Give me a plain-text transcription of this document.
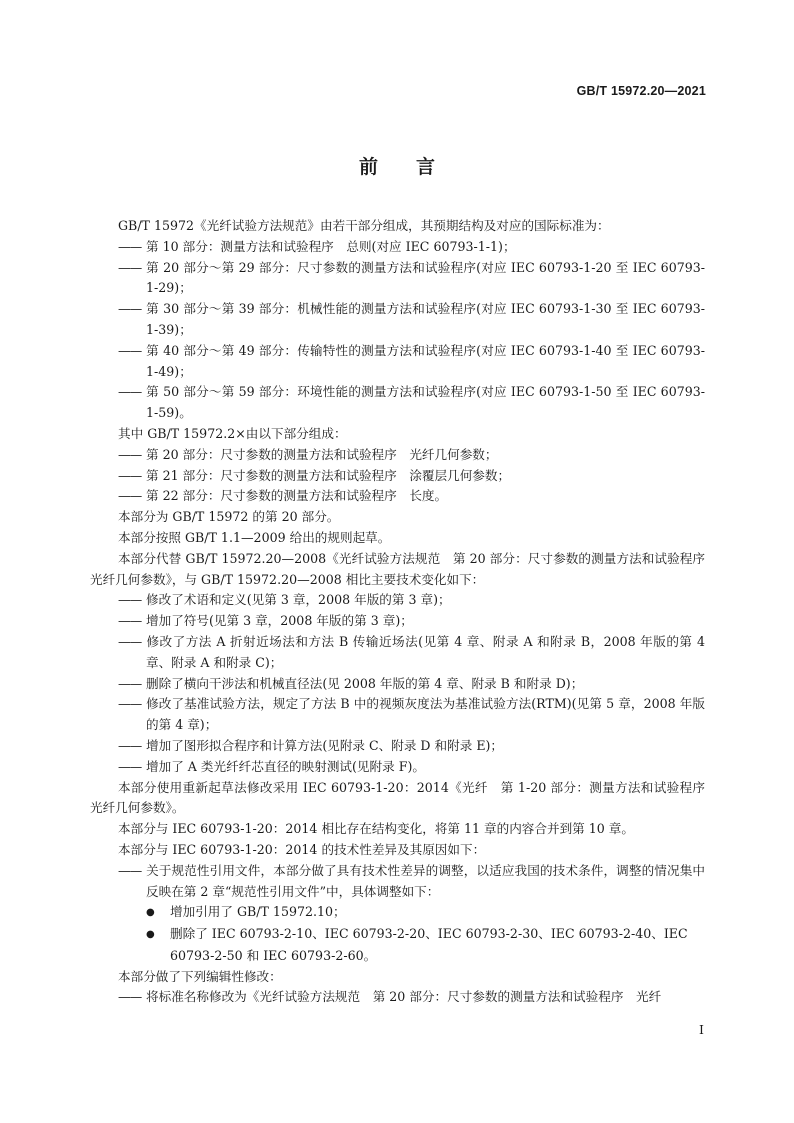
GB/T 15972.20—2021
前 言

GB/T 15972《光纤试验方法规范》由若干部分组成，其预期结构及对应的国际标准为：

—— 第 10 部分：测量方法和试验程序　总则(对应 IEC 60793-1-1)；
—— 第 20 部分～第 29 部分：尺寸参数的测量方法和试验程序(对应 IEC 60793-1-20 至 IEC 60793-1-29)；
—— 第 30 部分～第 39 部分：机械性能的测量方法和试验程序(对应 IEC 60793-1-30 至 IEC 60793-1-39)；
—— 第 40 部分～第 49 部分：传输特性的测量方法和试验程序(对应 IEC 60793-1-40 至 IEC 60793-1-49)；
—— 第 50 部分～第 59 部分：环境性能的测量方法和试验程序(对应 IEC 60793-1-50 至 IEC 60793-1-59)。

其中 GB/T 15972.2×由以下部分组成：

—— 第 20 部分：尺寸参数的测量方法和试验程序　光纤几何参数；
—— 第 21 部分：尺寸参数的测量方法和试验程序　涂覆层几何参数；
—— 第 22 部分：尺寸参数的测量方法和试验程序　长度。

本部分为 GB/T 15972 的第 20 部分。

本部分按照 GB/T 1.1—2009 给出的规则起草。

本部分代替 GB/T 15972.20—2008《光纤试验方法规范　第 20 部分：尺寸参数的测量方法和试验程序　光纤几何参数》，与 GB/T 15972.20—2008 相比主要技术变化如下：

—— 修改了术语和定义(见第 3 章，2008 年版的第 3 章)；
—— 增加了符号(见第 3 章，2008 年版的第 3 章)；
—— 修改了方法 A 折射近场法和方法 B 传输近场法(见第 4 章、附录 A 和附录 B，2008 年版的第 4 章、附录 A 和附录 C)；
—— 删除了横向干涉法和机械直径法(见 2008 年版的第 4 章、附录 B 和附录 D)；
—— 修改了基准试验方法，规定了方法 B 中的视频灰度法为基准试验方法(RTM)(见第 5 章，2008 年版的第 4 章)；
—— 增加了图形拟合程序和计算方法(见附录 C、附录 D 和附录 E)；
—— 增加了 A 类光纤纤芯直径的映射测试(见附录 F)。

本部分使用重新起草法修改采用 IEC 60793-1-20：2014《光纤　第 1-20 部分：测量方法和试验程序　光纤几何参数》。

本部分与 IEC 60793-1-20：2014 相比存在结构变化，将第 11 章的内容合并到第 10 章。

本部分与 IEC 60793-1-20：2014 的技术性差异及其原因如下：

—— 关于规范性引用文件，本部分做了具有技术性差异的调整，以适应我国的技术条件，调整的情况集中反映在第 2 章“规范性引用文件”中，具体调整如下：
● 增加引用了 GB/T 15972.10；
● 删除了 IEC 60793-2-10、IEC 60793-2-20、IEC 60793-2-30、IEC 60793-2-40、IEC 60793-2-50 和 IEC 60793-2-60。

本部分做了下列编辑性修改：

—— 将标准名称修改为《光纤试验方法规范　第 20 部分：尺寸参数的测量方法和试验程序　光纤
I
